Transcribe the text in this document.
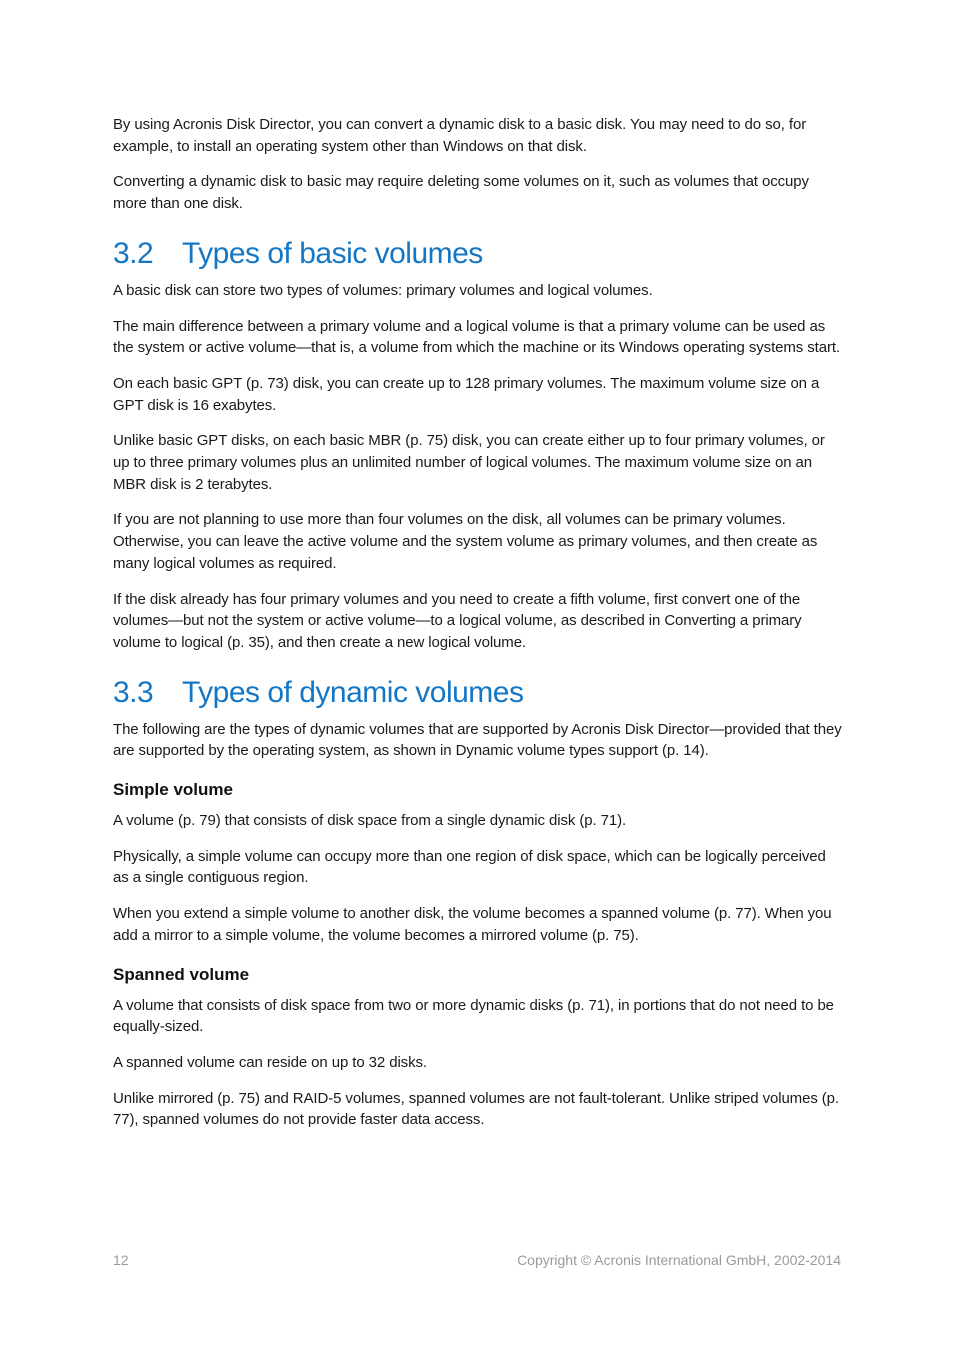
By using Acronis Disk Director, you can convert a dynamic disk to a basic disk. You may need to do so, for example, to install an operating system other than Windows on that disk.

Converting a dynamic disk to basic may require deleting some volumes on it, such as volumes that occupy more than one disk.

3.2 Types of basic volumes

A basic disk can store two types of volumes: primary volumes and logical volumes.

The main difference between a primary volume and a logical volume is that a primary volume can be used as the system or active volume—that is, a volume from which the machine or its Windows operating systems start.

On each basic GPT (p. 73) disk, you can create up to 128 primary volumes. The maximum volume size on a GPT disk is 16 exabytes.

Unlike basic GPT disks, on each basic MBR (p. 75) disk, you can create either up to four primary volumes, or up to three primary volumes plus an unlimited number of logical volumes. The maximum volume size on an MBR disk is 2 terabytes.

If you are not planning to use more than four volumes on the disk, all volumes can be primary volumes. Otherwise, you can leave the active volume and the system volume as primary volumes, and then create as many logical volumes as required.

If the disk already has four primary volumes and you need to create a fifth volume, first convert one of the volumes—but not the system or active volume—to a logical volume, as described in Converting a primary volume to logical (p. 35), and then create a new logical volume.

3.3 Types of dynamic volumes

The following are the types of dynamic volumes that are supported by Acronis Disk Director—provided that they are supported by the operating system, as shown in Dynamic volume types support (p. 14).

Simple volume

A volume (p. 79) that consists of disk space from a single dynamic disk (p. 71).

Physically, a simple volume can occupy more than one region of disk space, which can be logically perceived as a single contiguous region.

When you extend a simple volume to another disk, the volume becomes a spanned volume (p. 77). When you add a mirror to a simple volume, the volume becomes a mirrored volume (p. 75).

Spanned volume

A volume that consists of disk space from two or more dynamic disks (p. 71), in portions that do not need to be equally-sized.

A spanned volume can reside on up to 32 disks.

Unlike mirrored (p. 75) and RAID-5 volumes, spanned volumes are not fault-tolerant. Unlike striped volumes (p. 77), spanned volumes do not provide faster data access.

12	Copyright © Acronis International GmbH, 2002-2014
